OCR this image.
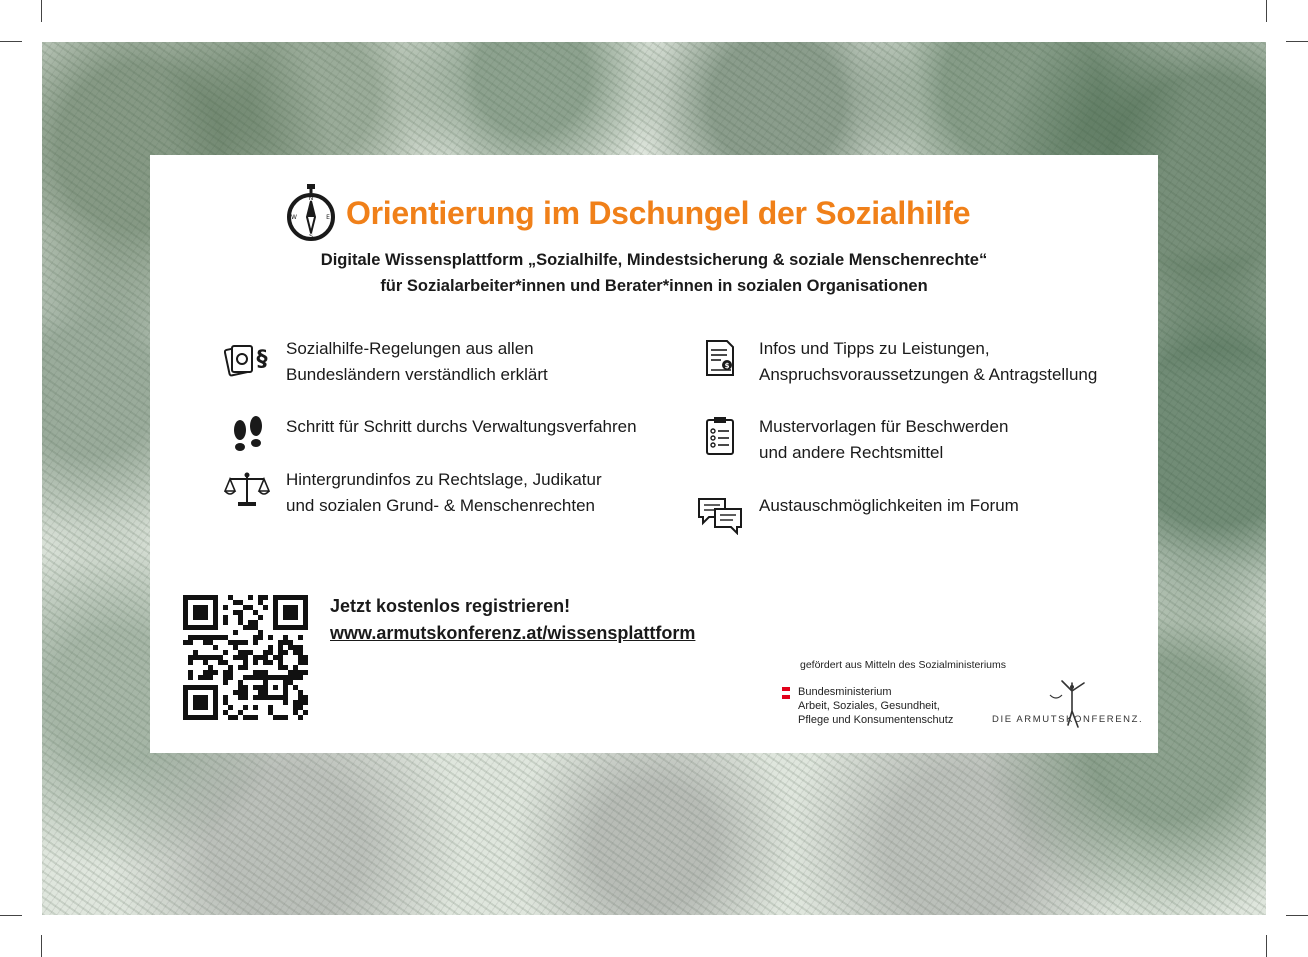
N
S
W	E Orientierung im Dschungel der Sozialhilfe
Digitale Wissensplattform „Sozialhilfe, Mindestsicherung & soziale Menschenrechte“
für Sozialarbeiter*innen und Berater*innen in sozialen Organisationen
§ Sozialhilfe-Regelungen aus allen
Bundesländern verständlich erklärt
Schritt für Schritt durchs Verwaltungsverfahren
Hintergrundinfos zu Rechtslage, Judikatur
und sozialen Grund- & Menschenrechten
$
Infos und Tipps zu Leistungen,
Anspruchsvoraussetzungen & Antragstellung
Mustervorlagen für Beschwerden
und andere Rechtsmittel
Austauschmöglichkeiten im Forum
Jetzt kostenlos registrieren!
www.armutskonferenz.at/wissensplattform
gefördert aus Mitteln des Sozialministeriums
Bundesministerium
Arbeit, Soziales, Gesundheit,
Pflege und Konsumentenschutz	DIE ARMUTSKONFERENZ.
